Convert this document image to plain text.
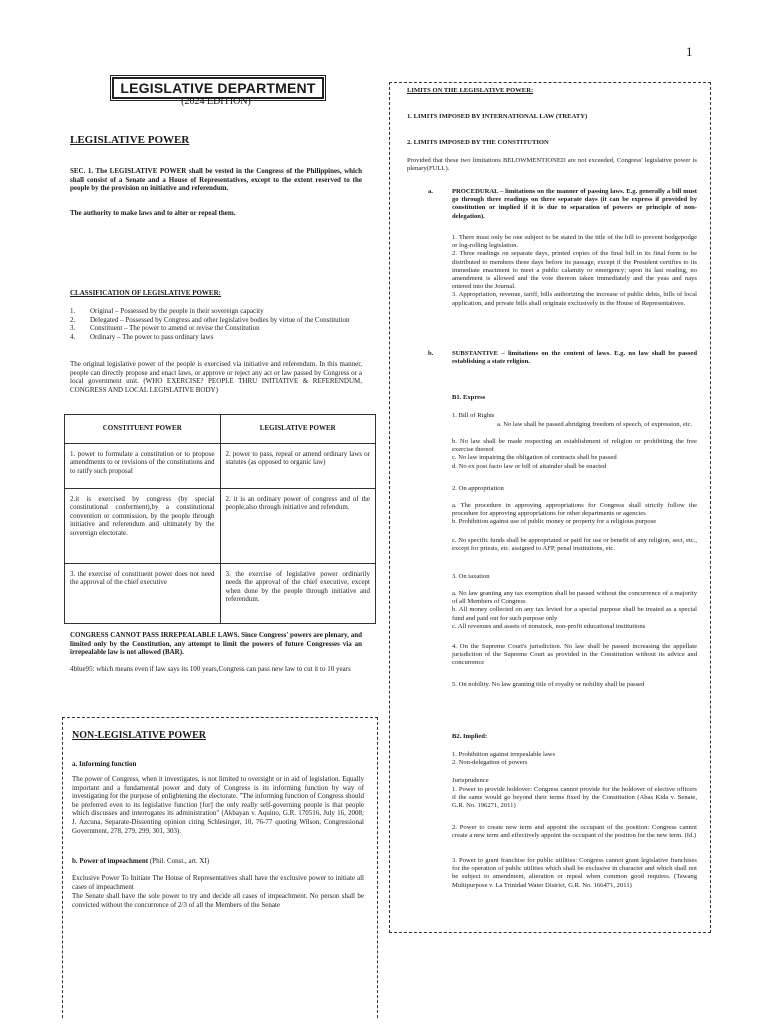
1
LEGISLATIVE DEPARTMENT
(2024 EDITION)
LEGISLATIVE POWER
SEC. 1. The LEGISLATIVE POWER shall be vested in the Congress of the Philippines, which shall consist of a Senate and a House of Representatives, except to the extent reserved to the people by the provision on initiative and referendum.
The authority to make laws and to alter or repeal them.
CLASSIFICATION OF LEGISLATIVE POWER:
1.	Original – Possessed by the people in their sovereign capacity
2.	Delegated – Possessed by Congress and other legislative bodies by virtue of the Constitution
3.	Constituent – The power to amend or revise the Constitution
4.	Ordinary – The power to pass ordinary laws
The original legislative power of the people is exercised via initiative and referendum. In this manner, people can directly propose and enact laws, or approve or reject any act or law passed by Congress or a local government unit. (WHO EXERCISE? PEOPLE THRU INITIATIVE & REFERENDUM, CONGRESS AND LOCAL LEGISLATIVE BODY)
CONSTITUENT POWER	LEGISLATIVE POWER
1. power to formulate a constitution or to propose amendments to or revisions of the constitutions and to ratify such proposal	2. power to pass, repeal or amend ordinary laws or statutes (as opposed to organic law)
2.it is exercised by congress (by special constitutional conferment),by a constitutional convention or commission, by the people through initiative and referendum and ultimately by the sovereign electorate.	2. it is an ordinary power of congress and of the people,also through initiative and refendum.
3. the exercise of constituent power does not need the approval of the chief executive	3. the exercise of legislative power ordinarily needs the approval of the chief executive, except when done by the people through initiative and referendum.
CONGRESS CANNOT PASS IRREPEALABLE LAWS. Since Congress' powers are plenary, and limited only by the Constitution, any attempt to limit the powers of future Congresses via an irrepealable law is not allowed (BAR).
4blue95: which means even if law says its 100 years,Congress can pass new law to cut it to 10 years
NON-LEGISLATIVE POWER
a. Informing function
The power of Congress, when it investigates, is not limited to oversight or in aid of legislation. Equally important and a fundamental power and duty of Congress is its informing function by way of investigating for the purpose of enlightening the electorate. "The informing function of Congress should be preferred even to its legislative function [for] the only really self-governing people is that people which discusses and interrogates its administration" (Akbayan v. Aquino, G.R. 170516, July 16, 2008; J. Azcuna, Separate-Dissenting opinion citing Schlesinger, 10, 76-77 quoting Wilson, Congressional Government, 278, 279, 299, 301, 303).
b. Power of impeachment (Phil. Const., art. XI)
Exclusive Power To Initiate The House of Representatives shall have the exclusive power to initiate all cases of impeachment
The Senate shall have the sole power to try and decide all cases of impeachment. No person shall be convicted without the concurrence of 2/3 of all the Members of the Senate
LIMITS ON THE LEGISLATIVE POWER:
1. LIMITS IMPOSED BY INTERNATIONAL LAW (TREATY)
2. LIMITS IMPOSED BY THE CONSTITUTION
Provided that these two limitations BELOWMENTIONED are not exceeded, Congress' legislative power is plenary(FULL).
a.	PROCEDURAL – limitations on the manner of passing laws. E.g. generally a bill must go through three readings on three separate days (it can be express if provided by constitution or implied if it is due to separation of powers or principle of non-delegation).
1. There must only be one subject to be stated in the title of the bill to prevent hodgepodge or log-rolling legislation.
2. Three readings on separate days, printed copies of the final bill in its final form to be distributed to members three days before its passage, except if the President certifies to its immediate enactment to meet a public calamity or emergency; upon its last reading, no amendment is allowed and the vote thereon taken immediately and the yeas and nays entered into the Journal.
3. Appropriation, revenue, tariff, bills authorizing the increase of public debts, bills of local application, and private bills shall originate exclusively in the House of Representatives.
b.	SUBSTANTIVE – limitations on the content of laws. E.g. no law shall be passed establishing a state religion.
B1. Express
1. Bill of Rights
a. No law shall be passed abridging freedom of speech, of expression, etc.
b. No law shall be made respecting an establishment of religion or prohibiting the free exercise thereof
c. No law impairing the obligation of contracts shall be passed
d. No ex post facto law or bill of attainder shall be enacted
2. On appropriation
a. The procedure in approving appropriations for Congress shall strictly follow the procedure for approving appropriations for other departments or agencies
b. Prohibition against use of public money or property for a religious purpose
c. No specific funds shall be appropriated or paid for use or benefit of any religion, sect, etc., except for priests, etc. assigned to AFP, penal institutions, etc.
3. On taxation
a. No law granting any tax exemption shall be passed without the concurrence of a majority of all Members of Congress
b. All money collected on any tax levied for a special purpose shall be treated as a special fund and paid out for such purpose only
c. All revenues and assets of nonstock, non-profit educational institutions
4. On the Supreme Court's jurisdiction. No law shall be passed increasing the appellate jurisdiction of the Supreme Court as provided in the Constitution without its advice and concurrence
5. On nobility. No law granting title of royalty or nobility shall be passed
B2. Implied:
1. Prohibition against irrepealable laws
2. Non-delegation of powers
Jurisprudence
1. Power to provide holdover: Congress cannot provide for the holdover of elective officers if the same would go beyond their terms fixed by the Constitution (Abas Kida v. Senate, G.R. No. 196271, 2011)
2. Power to create new term and appoint the occupant of the position: Congress cannot create a new term and effectively appoint the occupant of the position for the new term. (Id.)
3. Power to grant franchise for public utilities: Congress cannot grant legislative franchises for the operation of public utilities which shall be exclusive in character and which shall not be subject to amendment, alteration or repeal when common good requires. (Tawang Multipurpose v. La Trinidad Water District, G.R. No. 166471, 2011)
